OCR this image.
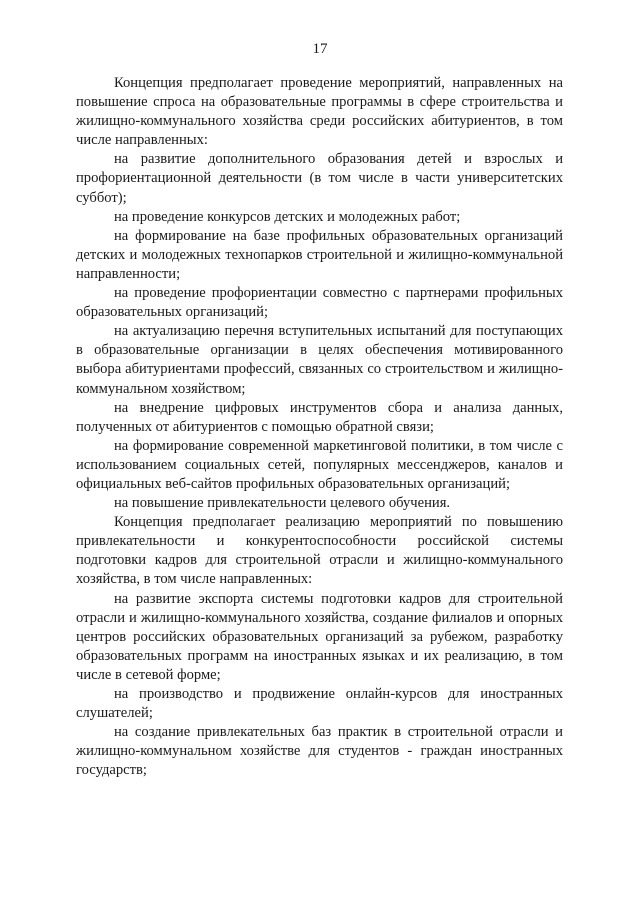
17

Концепция предполагает проведение мероприятий, направленных на повышение спроса на образовательные программы в сфере строительства и жилищно-коммунального хозяйства среди российских абитуриентов, в том числе направленных:

на развитие дополнительного образования детей и взрослых и профориентационной деятельности (в том числе в части университетских суббот);

на проведение конкурсов детских и молодежных работ;

на формирование на базе профильных образовательных организаций детских и молодежных технопарков строительной и жилищно-коммунальной направленности;

на проведение профориентации совместно с партнерами профильных образовательных организаций;

на актуализацию перечня вступительных испытаний для поступающих в образовательные организации в целях обеспечения мотивированного выбора абитуриентами профессий, связанных со строительством и жилищно-коммунальном хозяйством;

на внедрение цифровых инструментов сбора и анализа данных, полученных от абитуриентов с помощью обратной связи;

на формирование современной маркетинговой политики, в том числе с использованием социальных сетей, популярных мессенджеров, каналов и официальных веб-сайтов профильных образовательных организаций;

на повышение привлекательности целевого обучения.

Концепция предполагает реализацию мероприятий по повышению привлекательности и конкурентоспособности российской системы подготовки кадров для строительной отрасли и жилищно-коммунального хозяйства, в том числе направленных:

на развитие экспорта системы подготовки кадров для строительной отрасли и жилищно-коммунального хозяйства, создание филиалов и опорных центров российских образовательных организаций за рубежом, разработку образовательных программ на иностранных языках и их реализацию, в том числе в сетевой форме;

на производство и продвижение онлайн-курсов для иностранных слушателей;

на создание привлекательных баз практик в строительной отрасли и жилищно-коммунальном хозяйстве для студентов - граждан иностранных государств;
